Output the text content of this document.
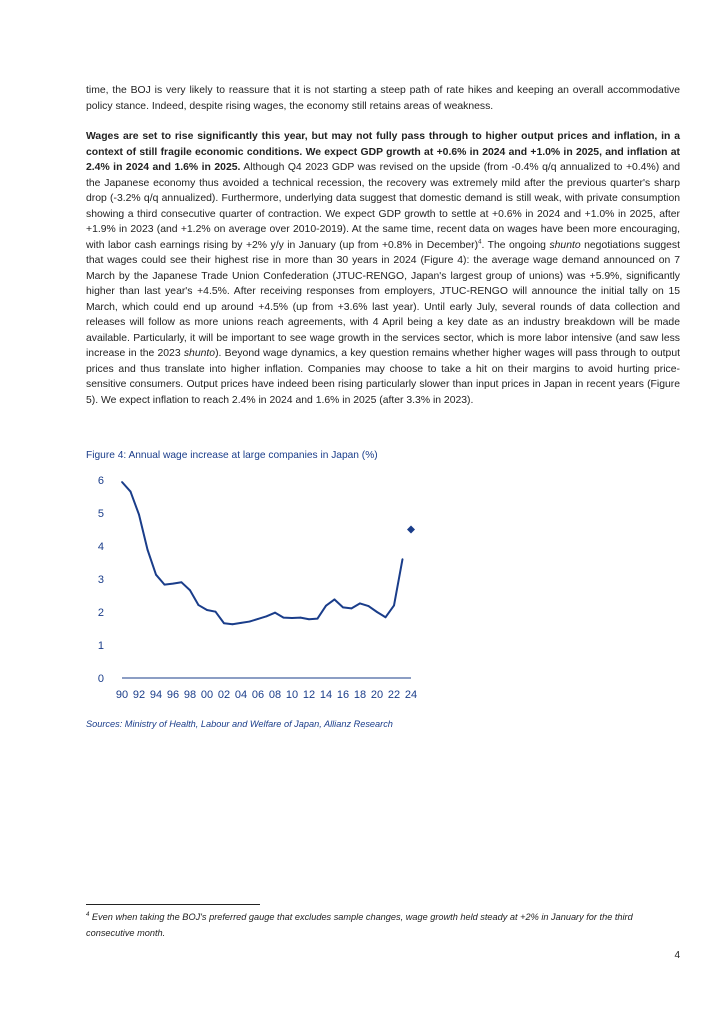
time, the BOJ is very likely to reassure that it is not starting a steep path of rate hikes and keeping an overall accommodative policy stance. Indeed, despite rising wages, the economy still retains areas of weakness.

Wages are set to rise significantly this year, but may not fully pass through to higher output prices and inflation, in a context of still fragile economic conditions. We expect GDP growth at +0.6% in 2024 and +1.0% in 2025, and inflation at 2.4% in 2024 and 1.6% in 2025. Although Q4 2023 GDP was revised on the upside (from -0.4% q/q annualized to +0.4%) and the Japanese economy thus avoided a technical recession, the recovery was extremely mild after the previous quarter's sharp drop (-3.2% q/q annualized). Furthermore, underlying data suggest that domestic demand is still weak, with private consumption showing a third consecutive quarter of contraction. We expect GDP growth to settle at +0.6% in 2024 and +1.0% in 2025, after +1.9% in 2023 (and +1.2% on average over 2010-2019). At the same time, recent data on wages have been more encouraging, with labor cash earnings rising by +2% y/y in January (up from +0.8% in December)$^4$. The ongoing shunto negotiations suggest that wages could see their highest rise in more than 30 years in 2024 (Figure 4): the average wage demand announced on 7 March by the Japanese Trade Union Confederation (JTUC-RENGO, Japan's largest group of unions) was +5.9%, significantly higher than last year's +4.5%. After receiving responses from employers, JTUC-RENGO will announce the initial tally on 15 March, which could end up around +4.5% (up from +3.6% last year). Until early July, several rounds of data collection and releases will follow as more unions reach agreements, with 4 April being a key date as an industry breakdown will be made available. Particularly, it will be important to see wage growth in the services sector, which is more labor intensive (and saw less increase in the 2023 shunto). Beyond wage dynamics, a key question remains whether higher wages will pass through to output prices and thus translate into higher inflation. Companies may choose to take a hit on their margins to avoid hurting price-sensitive consumers. Output prices have indeed been rising particularly slower than input prices in Japan in recent years (Figure 5). We expect inflation to reach 2.4% in 2024 and 1.6% in 2025 (after 3.3% in 2023).

Figure 4: Annual wage increase at large companies in Japan (%)

0
1
2
3
4
5
6
90 92 94 96 98 00 02 04 06 08 10 12 14 16 18 20 22 24

Sources: Ministry of Health, Labour and Welfare of Japan, Allianz Research

$^4$ Even when taking the BOJ's preferred gauge that excludes sample changes, wage growth held steady at +2% in January for the third consecutive month.

4
